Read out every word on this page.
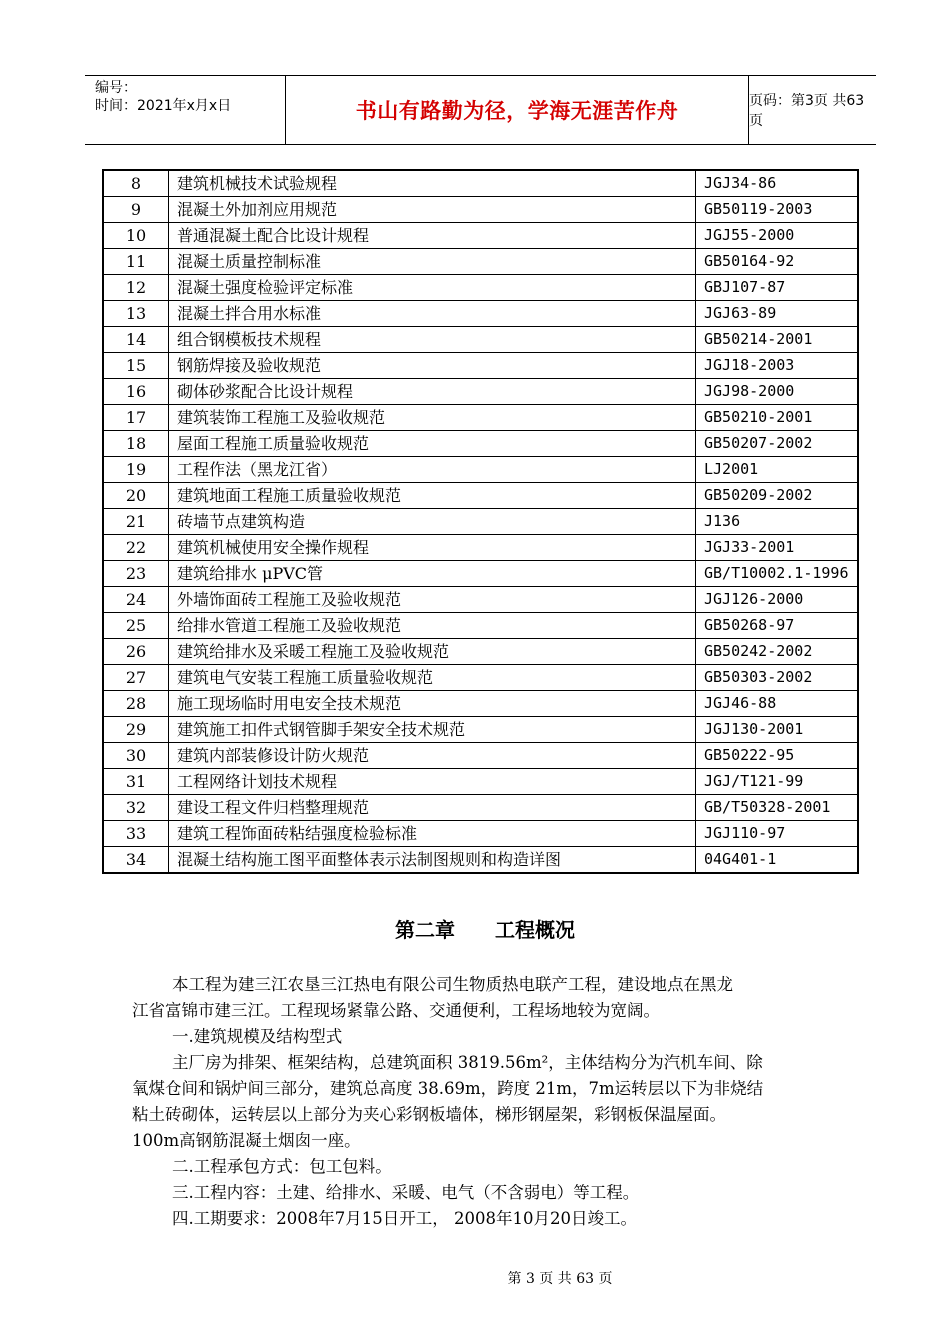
编号：
时间：2021年x月x日	书山有路勤为径，学海无涯苦作舟	页码：第3页 共63页
8	建筑机械技术试验规程	JGJ34-86
9	混凝土外加剂应用规范	GB50119-2003
10	普通混凝土配合比设计规程	JGJ55-2000
11	混凝土质量控制标准	GB50164-92
12	混凝土强度检验评定标准	GBJ107-87
13	混凝土拌合用水标准	JGJ63-89
14	组合钢模板技术规程	GB50214-2001
15	钢筋焊接及验收规范	JGJ18-2003
16	砌体砂浆配合比设计规程	JGJ98-2000
17	建筑装饰工程施工及验收规范	GB50210-2001
18	屋面工程施工质量验收规范	GB50207-2002
19	工程作法（黑龙江省）	LJ2001
20	建筑地面工程施工质量验收规范	GB50209-2002
21	砖墙节点建筑构造	J136
22	建筑机械使用安全操作规程	JGJ33-2001
23	建筑给排水 μPVC管	GB/T10002.1-1996
24	外墙饰面砖工程施工及验收规范	JGJ126-2000
25	给排水管道工程施工及验收规范	GB50268-97
26	建筑给排水及采暖工程施工及验收规范	GB50242-2002
27	建筑电气安装工程施工质量验收规范	GB50303-2002
28	施工现场临时用电安全技术规范	JGJ46-88
29	建筑施工扣件式钢管脚手架安全技术规范	JGJ130-2001
30	建筑内部装修设计防火规范	GB50222-95
31	工程网络计划技术规程	JGJ/T121-99
32	建设工程文件归档整理规范	GB/T50328-2001
33	建筑工程饰面砖粘结强度检验标准	JGJ110-97
34	混凝土结构施工图平面整体表示法制图规则和构造详图	04G401-1
第二章 工程概况
本工程为建三江农垦三江热电有限公司生物质热电联产工程，建设地点在黑龙
江省富锦市建三江。工程现场紧靠公路、交通便利，工程场地较为宽阔。
一.建筑规模及结构型式
主厂房为排架、框架结构，总建筑面积 3819.56m²，主体结构分为汽机车间、除
氧煤仓间和锅炉间三部分，建筑总高度 38.69m，跨度 21m，7m运转层以下为非烧结
粘土砖砌体，运转层以上部分为夹心彩钢板墙体，梯形钢屋架，彩钢板保温屋面。
100m高钢筋混凝土烟囱一座。
二.工程承包方式：包工包料。
三.工程内容：土建、给排水、采暖、电气（不含弱电）等工程。
四.工期要求：2008年7月15日开工， 2008年10月20日竣工。
第 3 页 共 63 页
